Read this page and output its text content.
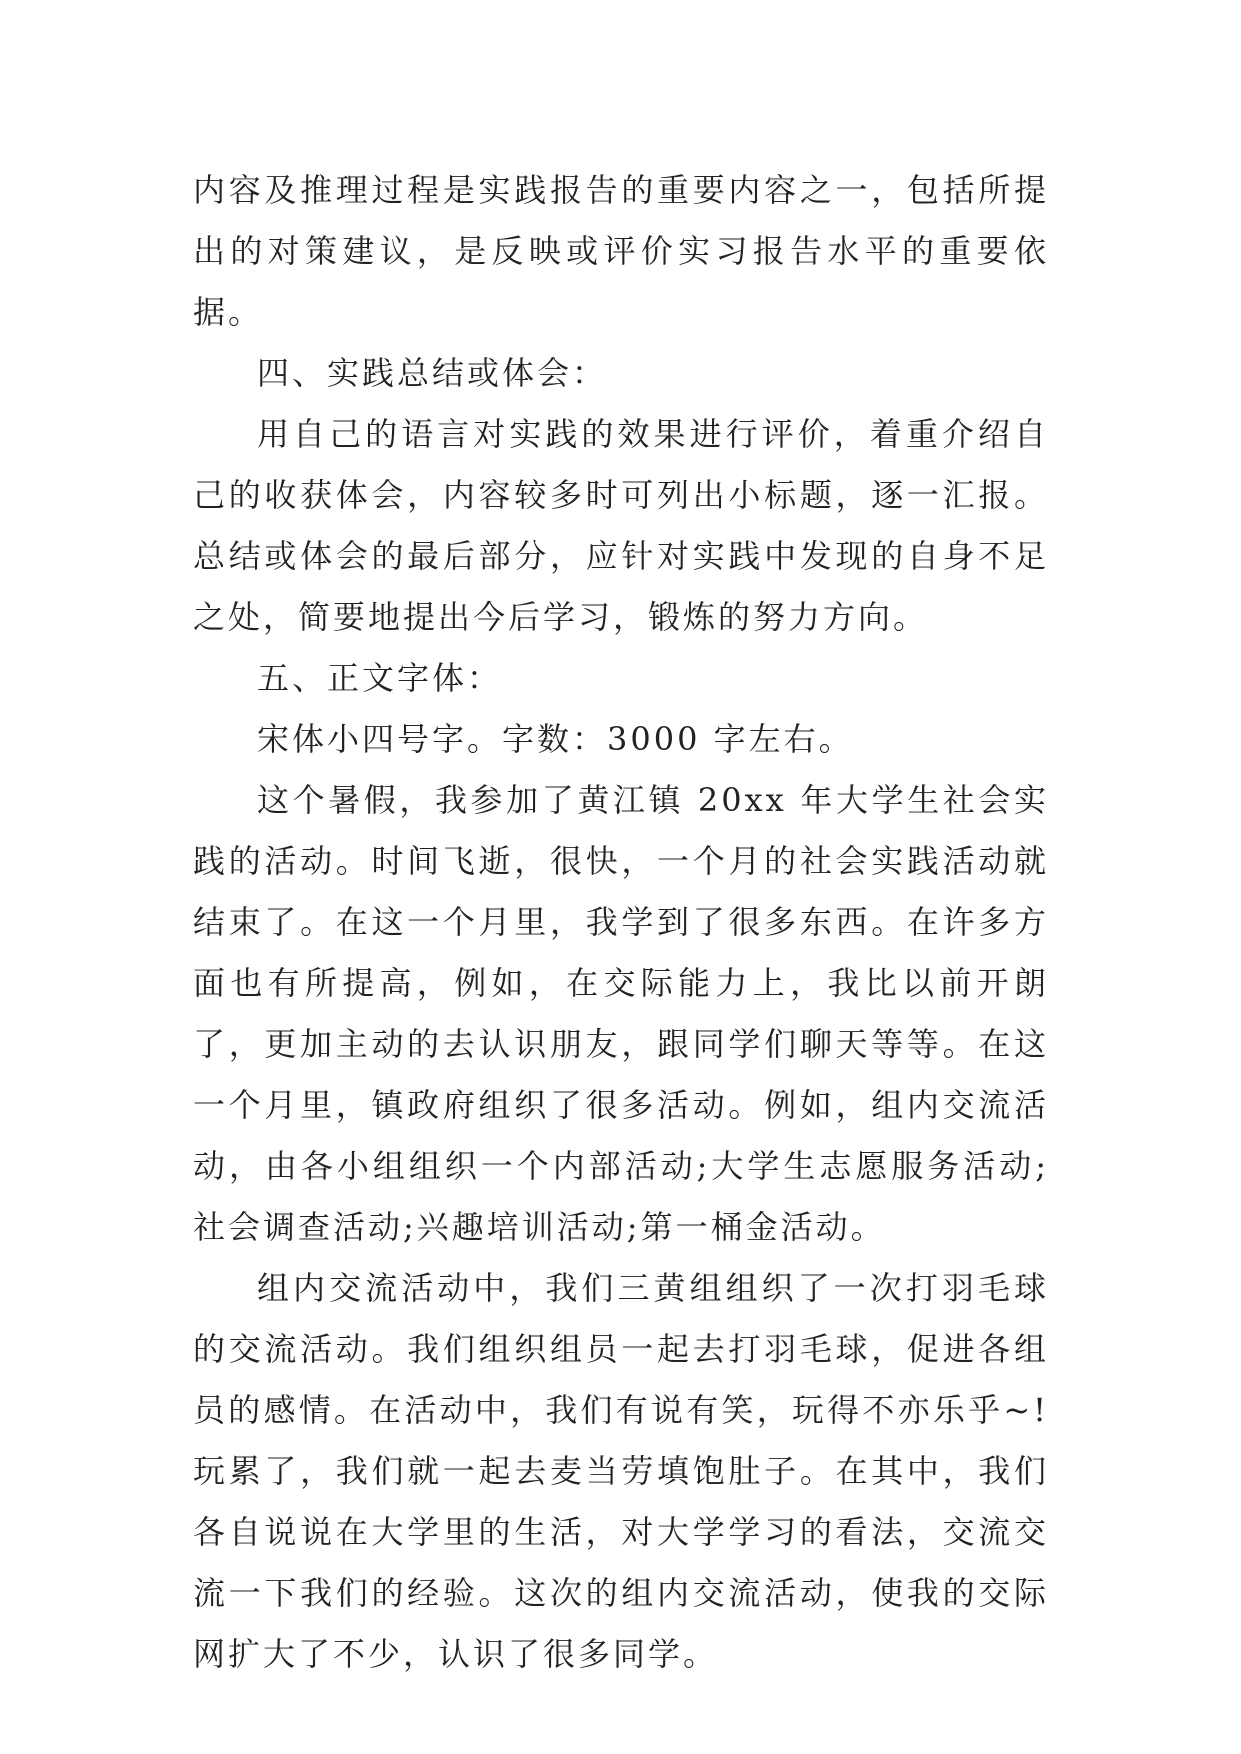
内容及推理过程是实践报告的重要内容之一，包括所提出的对策建议，是反映或评价实习报告水平的重要依据。

四、实践总结或体会：

用自己的语言对实践的效果进行评价，着重介绍自己的收获体会，内容较多时可列出小标题，逐一汇报。总结或体会的最后部分，应针对实践中发现的自身不足之处，简要地提出今后学习，锻炼的努力方向。

五、正文字体：

宋体小四号字。字数：3000 字左右。

这个暑假，我参加了黄江镇 20xx 年大学生社会实践的活动。时间飞逝，很快，一个月的社会实践活动就结束了。在这一个月里，我学到了很多东西。在许多方面也有所提高，例如，在交际能力上，我比以前开朗了，更加主动的去认识朋友，跟同学们聊天等等。在这一个月里，镇政府组织了很多活动。例如，组内交流活动，由各小组组织一个内部活动;大学生志愿服务活动;社会调查活动;兴趣培训活动;第一桶金活动。

组内交流活动中，我们三黄组组织了一次打羽毛球的交流活动。我们组织组员一起去打羽毛球，促进各组员的感情。在活动中，我们有说有笑，玩得不亦乐乎~!玩累了，我们就一起去麦当劳填饱肚子。在其中，我们各自说说在大学里的生活，对大学学习的看法，交流交流一下我们的经验。这次的组内交流活动，使我的交际网扩大了不少，认识了很多同学。
